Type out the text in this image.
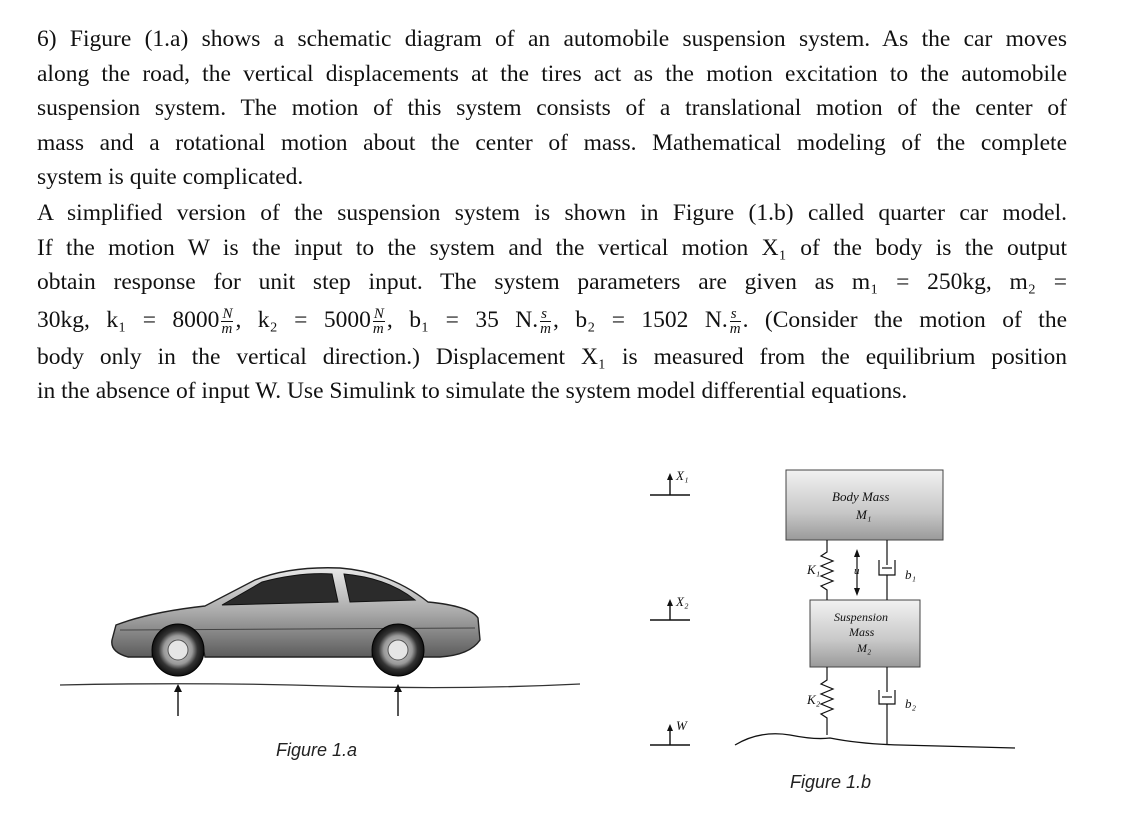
6) Figure (1.a) shows a schematic diagram of an automobile suspension system. As the car moves
along the road, the vertical displacements at the tires act as the motion excitation to the automobile
suspension system. The motion of this system consists of a translational motion of the center of
mass and a rotational motion about the center of mass. Mathematical modeling of the complete
system is quite complicated.
A simplified version of the suspension system is shown in Figure (1.b) called quarter car model.
If the motion W is the input to the system and the vertical motion X₁ of the body is the output
obtain response for unit step input. The system parameters are given as m₁ = 250kg, m₂ =
30kg, $k_1 = 8000 \frac{N}{m}$ , $k_2 = 5000 \frac{N}{m}$ , b₁ = 35 N. $\frac{s}{m}$ , b₂ = 1502 N. $\frac{s}{m}$ . (Consider the motion of the
body only in the vertical direction.) Displacement X₁ is measured from the equilibrium position
in the absence of input W. Use Simulink to simulate the system model differential equations.
Body Mass
M₁
Suspension
Mass
M₂
K₁
K₂
b₁
b₂
u
X₁
X₂
W
Figure 1.a
Figure 1.b
